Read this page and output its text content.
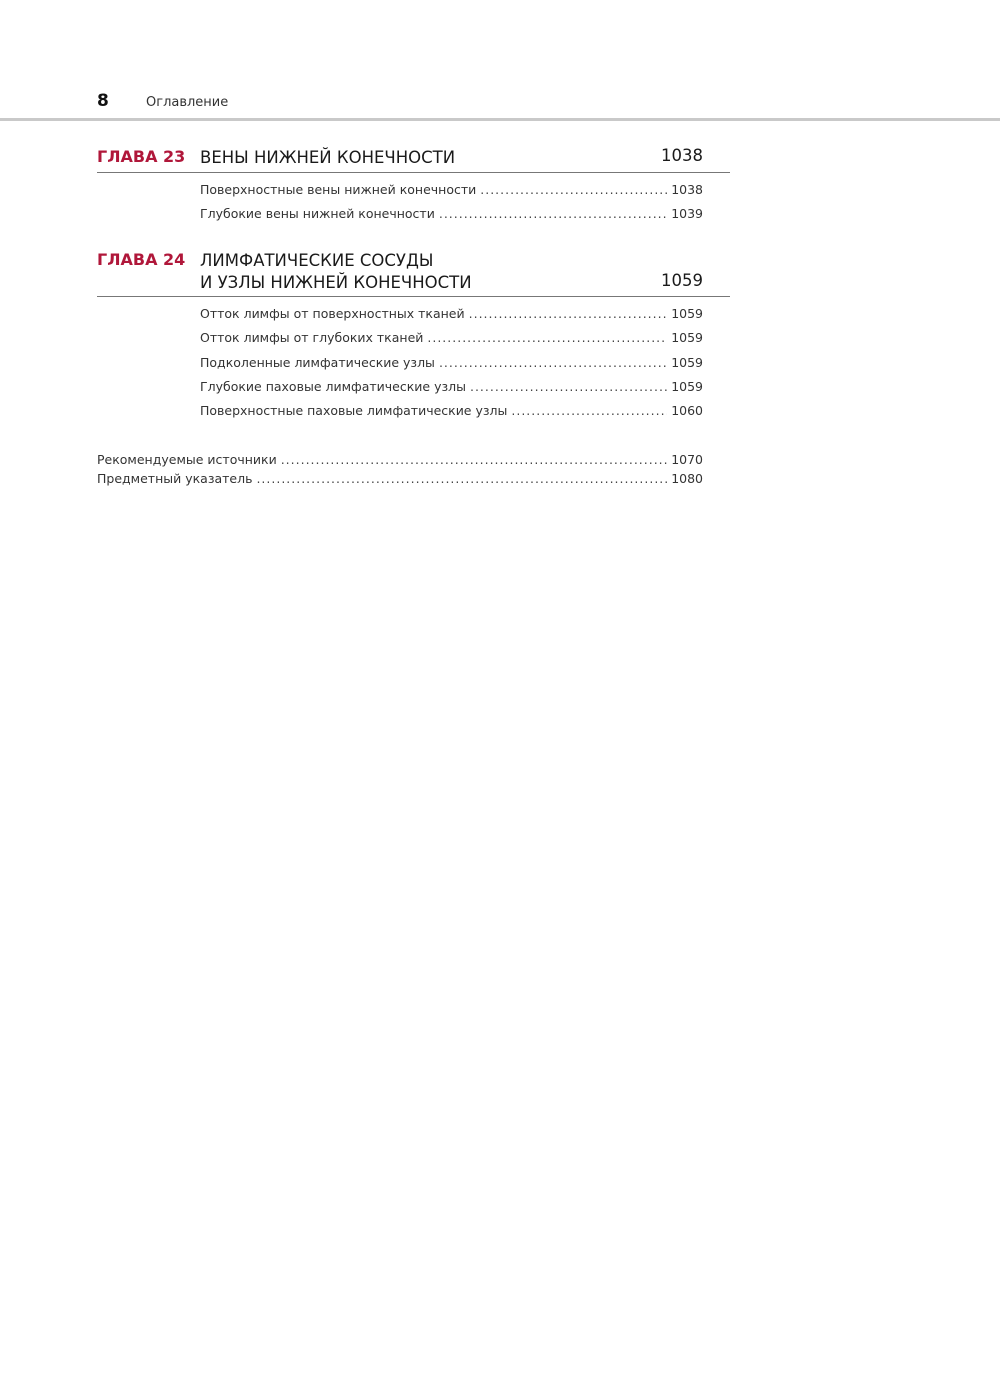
8	Оглавление
ГЛАВА 23 ВЕНЫ НИЖНЕЙ КОНЕЧНОСТИ	1038
Поверхностные вены нижней конечности .....	1038
Глубокие вены нижней конечности .....	1039
ГЛАВА 24 ЛИМФАТИЧЕСКИЕ СОСУДЫ
И УЗЛЫ НИЖНЕЙ КОНЕЧНОСТИ	1059
Отток лимфы от поверхностных тканей .....	1059
Отток лимфы от глубоких тканей .....	1059
Подколенные лимфатические узлы .....	1059
Глубокие паховые лимфатические узлы .....	1059
Поверхностные паховые лимфатические узлы .....	1060
Рекомендуемые источники .....	1070
Предметный указатель .....	1080
